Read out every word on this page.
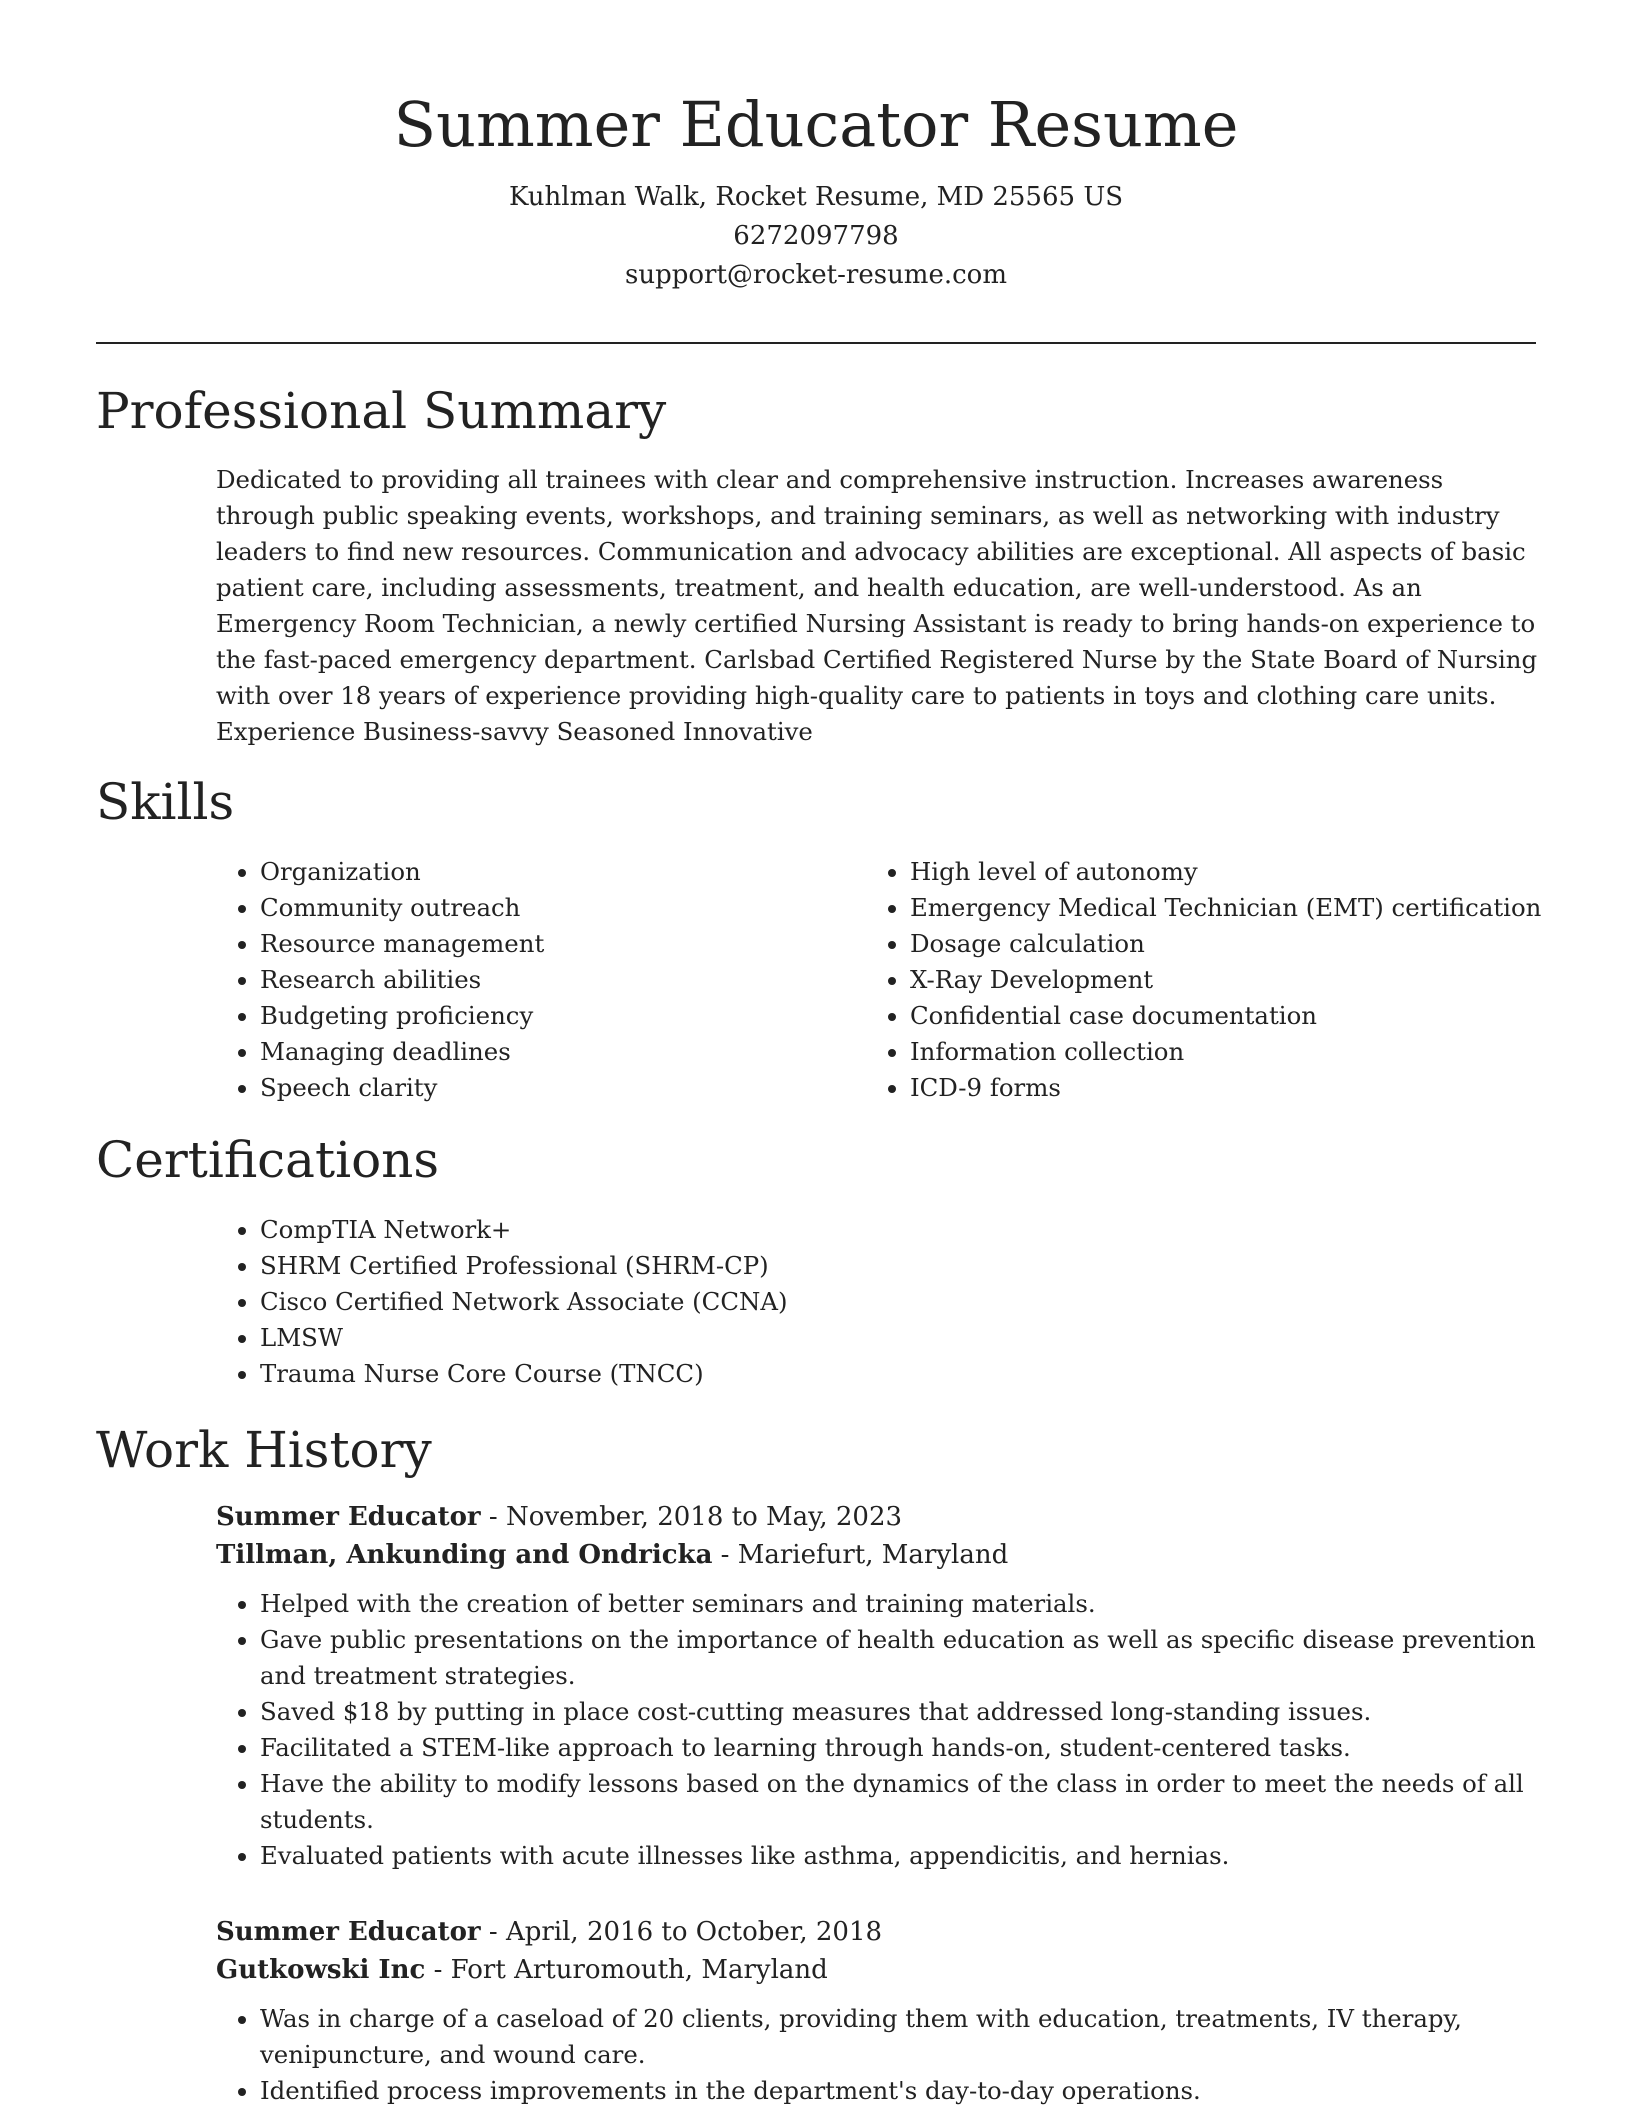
Summer Educator Resume
Kuhlman Walk, Rocket Resume, MD 25565 US
6272097798
support@rocket-resume.com
Professional Summary

Dedicated to providing all trainees with clear and comprehensive instruction. Increases awareness through public speaking events, workshops, and training seminars, as well as networking with industry leaders to find new resources. Communication and advocacy abilities are exceptional. All aspects of basic patient care, including assessments, treatment, and health education, are well-understood. As an Emergency Room Technician, a newly certified Nursing Assistant is ready to bring hands-on experience to the fast-paced emergency department. Carlsbad Certified Registered Nurse by the State Board of Nursing with over 18 years of experience providing high-quality care to patients in toys and clothing care units. Experience Business-savvy Seasoned Innovative

Skills
• Organization
• Community outreach
• Resource management
• Research abilities
• Budgeting proficiency
• Managing deadlines
• Speech clarity
• High level of autonomy
• Emergency Medical Technician (EMT) certification
• Dosage calculation
• X-Ray Development
• Confidential case documentation
• Information collection
• ICD-9 forms
Certifications
• CompTIA Network+
• SHRM Certified Professional (SHRM-CP)
• Cisco Certified Network Associate (CCNA)
• LMSW
• Trauma Nurse Core Course (TNCC)
Work History
Summer Educator - November, 2018 to May, 2023
Tillman, Ankunding and Ondricka - Mariefurt, Maryland
• Helped with the creation of better seminars and training materials.
• Gave public presentations on the importance of health education as well as specific disease prevention and treatment strategies.
• Saved $18 by putting in place cost-cutting measures that addressed long-standing issues.
• Facilitated a STEM-like approach to learning through hands-on, student-centered tasks.
• Have the ability to modify lessons based on the dynamics of the class in order to meet the needs of all students.
• Evaluated patients with acute illnesses like asthma, appendicitis, and hernias.
Summer Educator - April, 2016 to October, 2018
Gutkowski Inc - Fort Arturomouth, Maryland
• Was in charge of a caseload of 20 clients, providing them with education, treatments, IV therapy, venipuncture, and wound care.
• Identified process improvements in the department's day-to-day operations.
